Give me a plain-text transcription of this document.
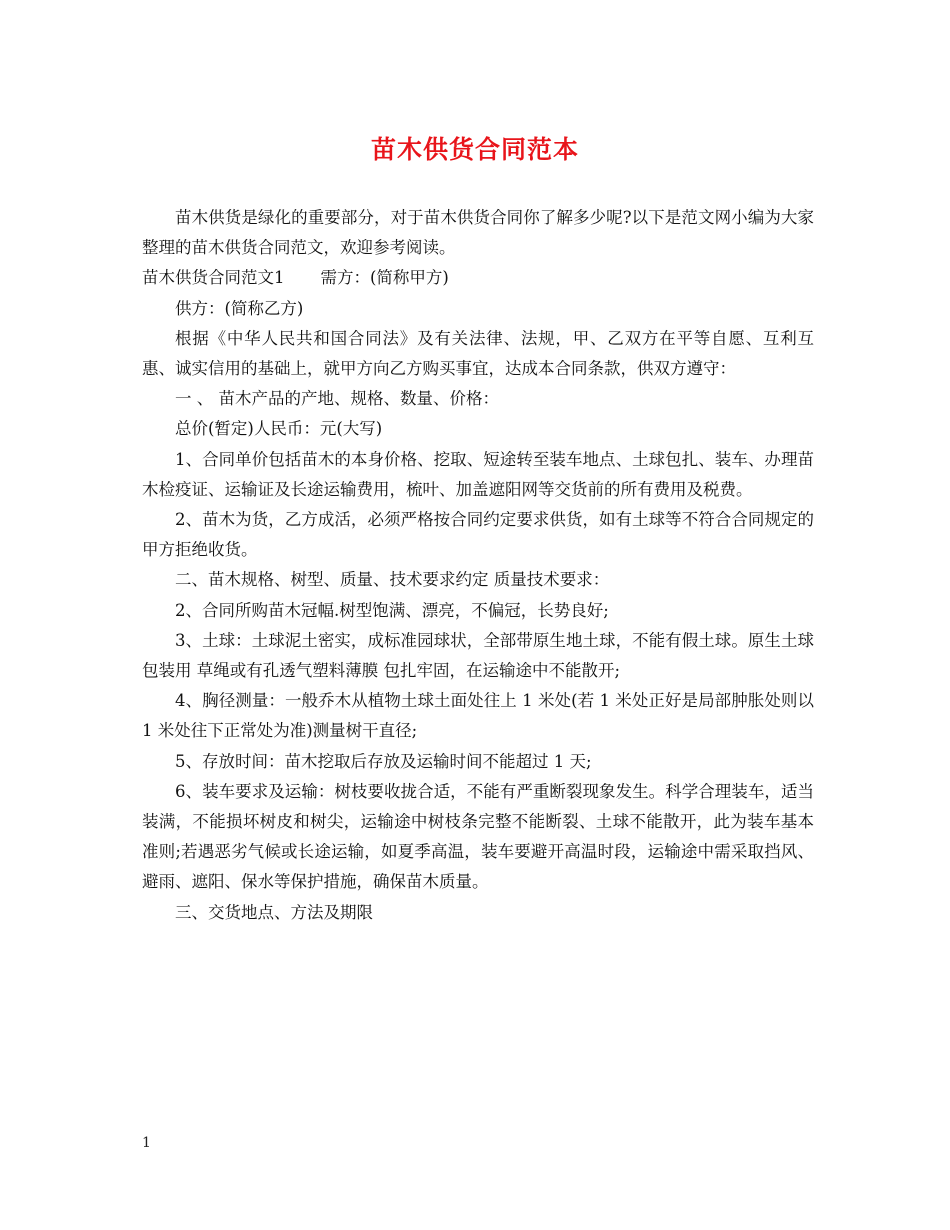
苗木供货合同范本

苗木供货是绿化的重要部分，对于苗木供货合同你了解多少呢?以下是范文网小编为大家整理的苗木供货合同范文，欢迎参考阅读。

苗木供货合同范文1 需方：(简称甲方)

供方：(简称乙方)

根据《中华人民共和国合同法》及有关法律、法规，甲、乙双方在平等自愿、互利互惠、诚实信用的基础上，就甲方向乙方购买事宜，达成本合同条款，供双方遵守：

一 、 苗木产品的产地、规格、数量、价格：

总价(暂定)人民币：元(大写)

1、合同单价包括苗木的本身价格、挖取、短途转至装车地点、土球包扎、装车、办理苗木检疫证、运输证及长途运输费用，梳叶、加盖遮阳网等交货前的所有费用及税费。

2、苗木为货，乙方成活，必须严格按合同约定要求供货，如有土球等不符合合同规定的甲方拒绝收货。

二、苗木规格、树型、质量、技术要求约定 质量技术要求：

2、合同所购苗木冠幅.树型饱满、漂亮，不偏冠，长势良好;

3、土球：土球泥土密实，成标准园球状，全部带原生地土球，不能有假土球。原生土球包装用 草绳或有孔透气塑料薄膜 包扎牢固，在运输途中不能散开;

4、胸径测量：一般乔木从植物土球土面处往上 1 米处(若 1 米处正好是局部肿胀处则以 1 米处往下正常处为准)测量树干直径;

5、存放时间：苗木挖取后存放及运输时间不能超过 1 天;

6、装车要求及运输：树枝要收拢合适，不能有严重断裂现象发生。科学合理装车，适当装满，不能损坏树皮和树尖，运输途中树枝条完整不能断裂、土球不能散开，此为装车基本准则;若遇恶劣气候或长途运输，如夏季高温，装车要避开高温时段，运输途中需采取挡风、避雨、遮阳、保水等保护措施，确保苗木质量。

三、交货地点、方法及期限

1
